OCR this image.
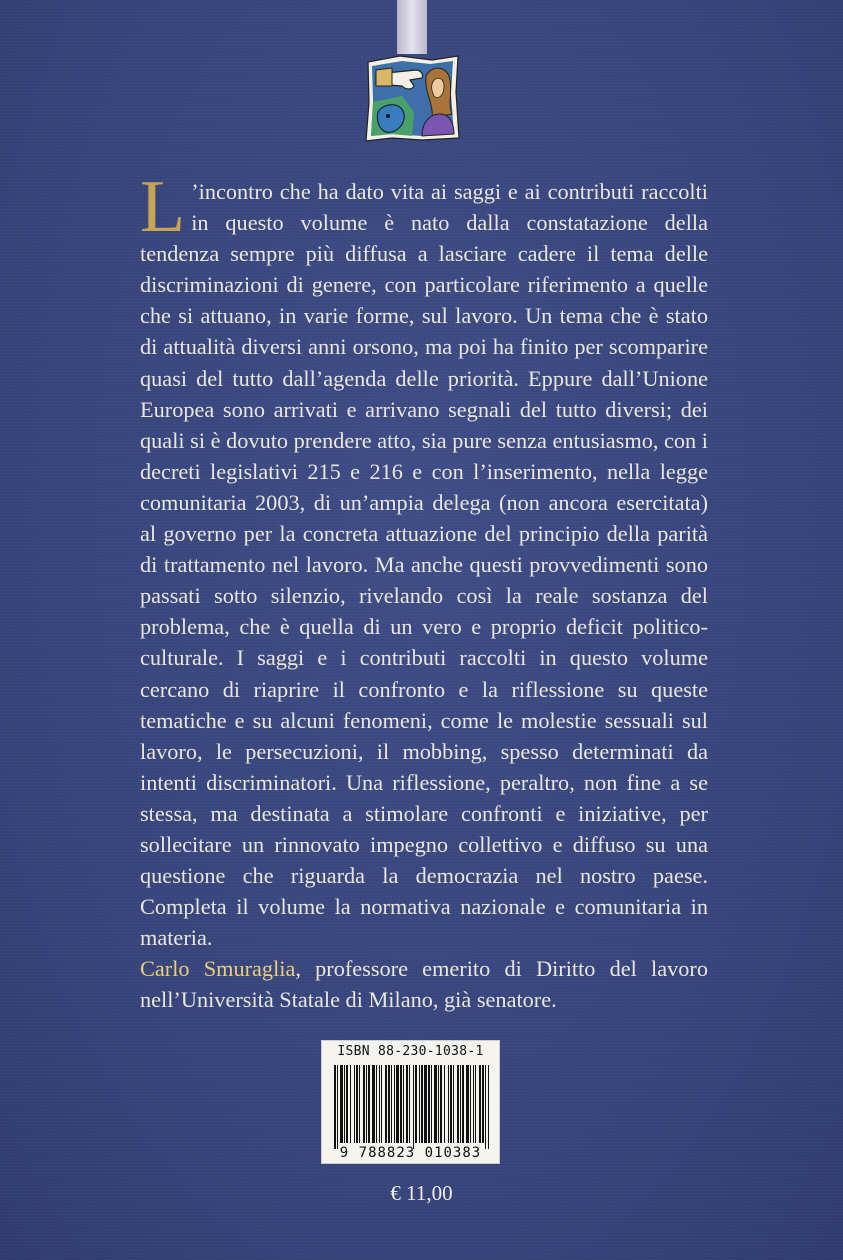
L ’incontro che ha dato vita ai saggi e ai contributi raccolti in questo volume è nato dalla constatazione della tendenza sempre più diffusa a lasciare cadere il tema delle discriminazioni di genere, con particolare riferimento a quelle che si attuano, in varie forme, sul lavoro. Un tema che è stato di attualità diversi anni orsono, ma poi ha finito per scomparire quasi del tutto dall’agenda delle priorità. Eppure dall’Unione Europea sono arrivati e arrivano segnali del tutto diversi; dei quali si è dovuto prendere atto, sia pure senza entusiasmo, con i decreti legislativi 215 e 216 e con l’inserimento, nella legge comunitaria 2003, di un’ampia delega (non ancora esercitata) al governo per la concreta attuazione del principio della parità di trattamento nel lavoro. Ma anche questi provvedimenti sono passati sotto silenzio, rivelando così la reale sostanza del problema, che è quella di un vero e proprio deficit politico-culturale. I saggi e i contributi raccolti in questo volume cercano di riaprire il confronto e la riflessione su queste tematiche e su alcuni fenomeni, come le molestie sessuali sul lavoro, le persecuzioni, il mobbing, spesso determinati da intenti discriminatori. Una riflessione, peraltro, non fine a se stessa, ma destinata a stimolare confronti e iniziative, per sollecitare un rinnovato impegno collettivo e diffuso su una questione che riguarda la democrazia nel nostro paese. Completa il volume la normativa nazionale e comunitaria in materia.

Carlo Smuraglia, professore emerito di Diritto del lavoro nell’Università Statale di Milano, già senatore.

ISBN 88-230-1038-1
9 788823 010383
€ 11,00
